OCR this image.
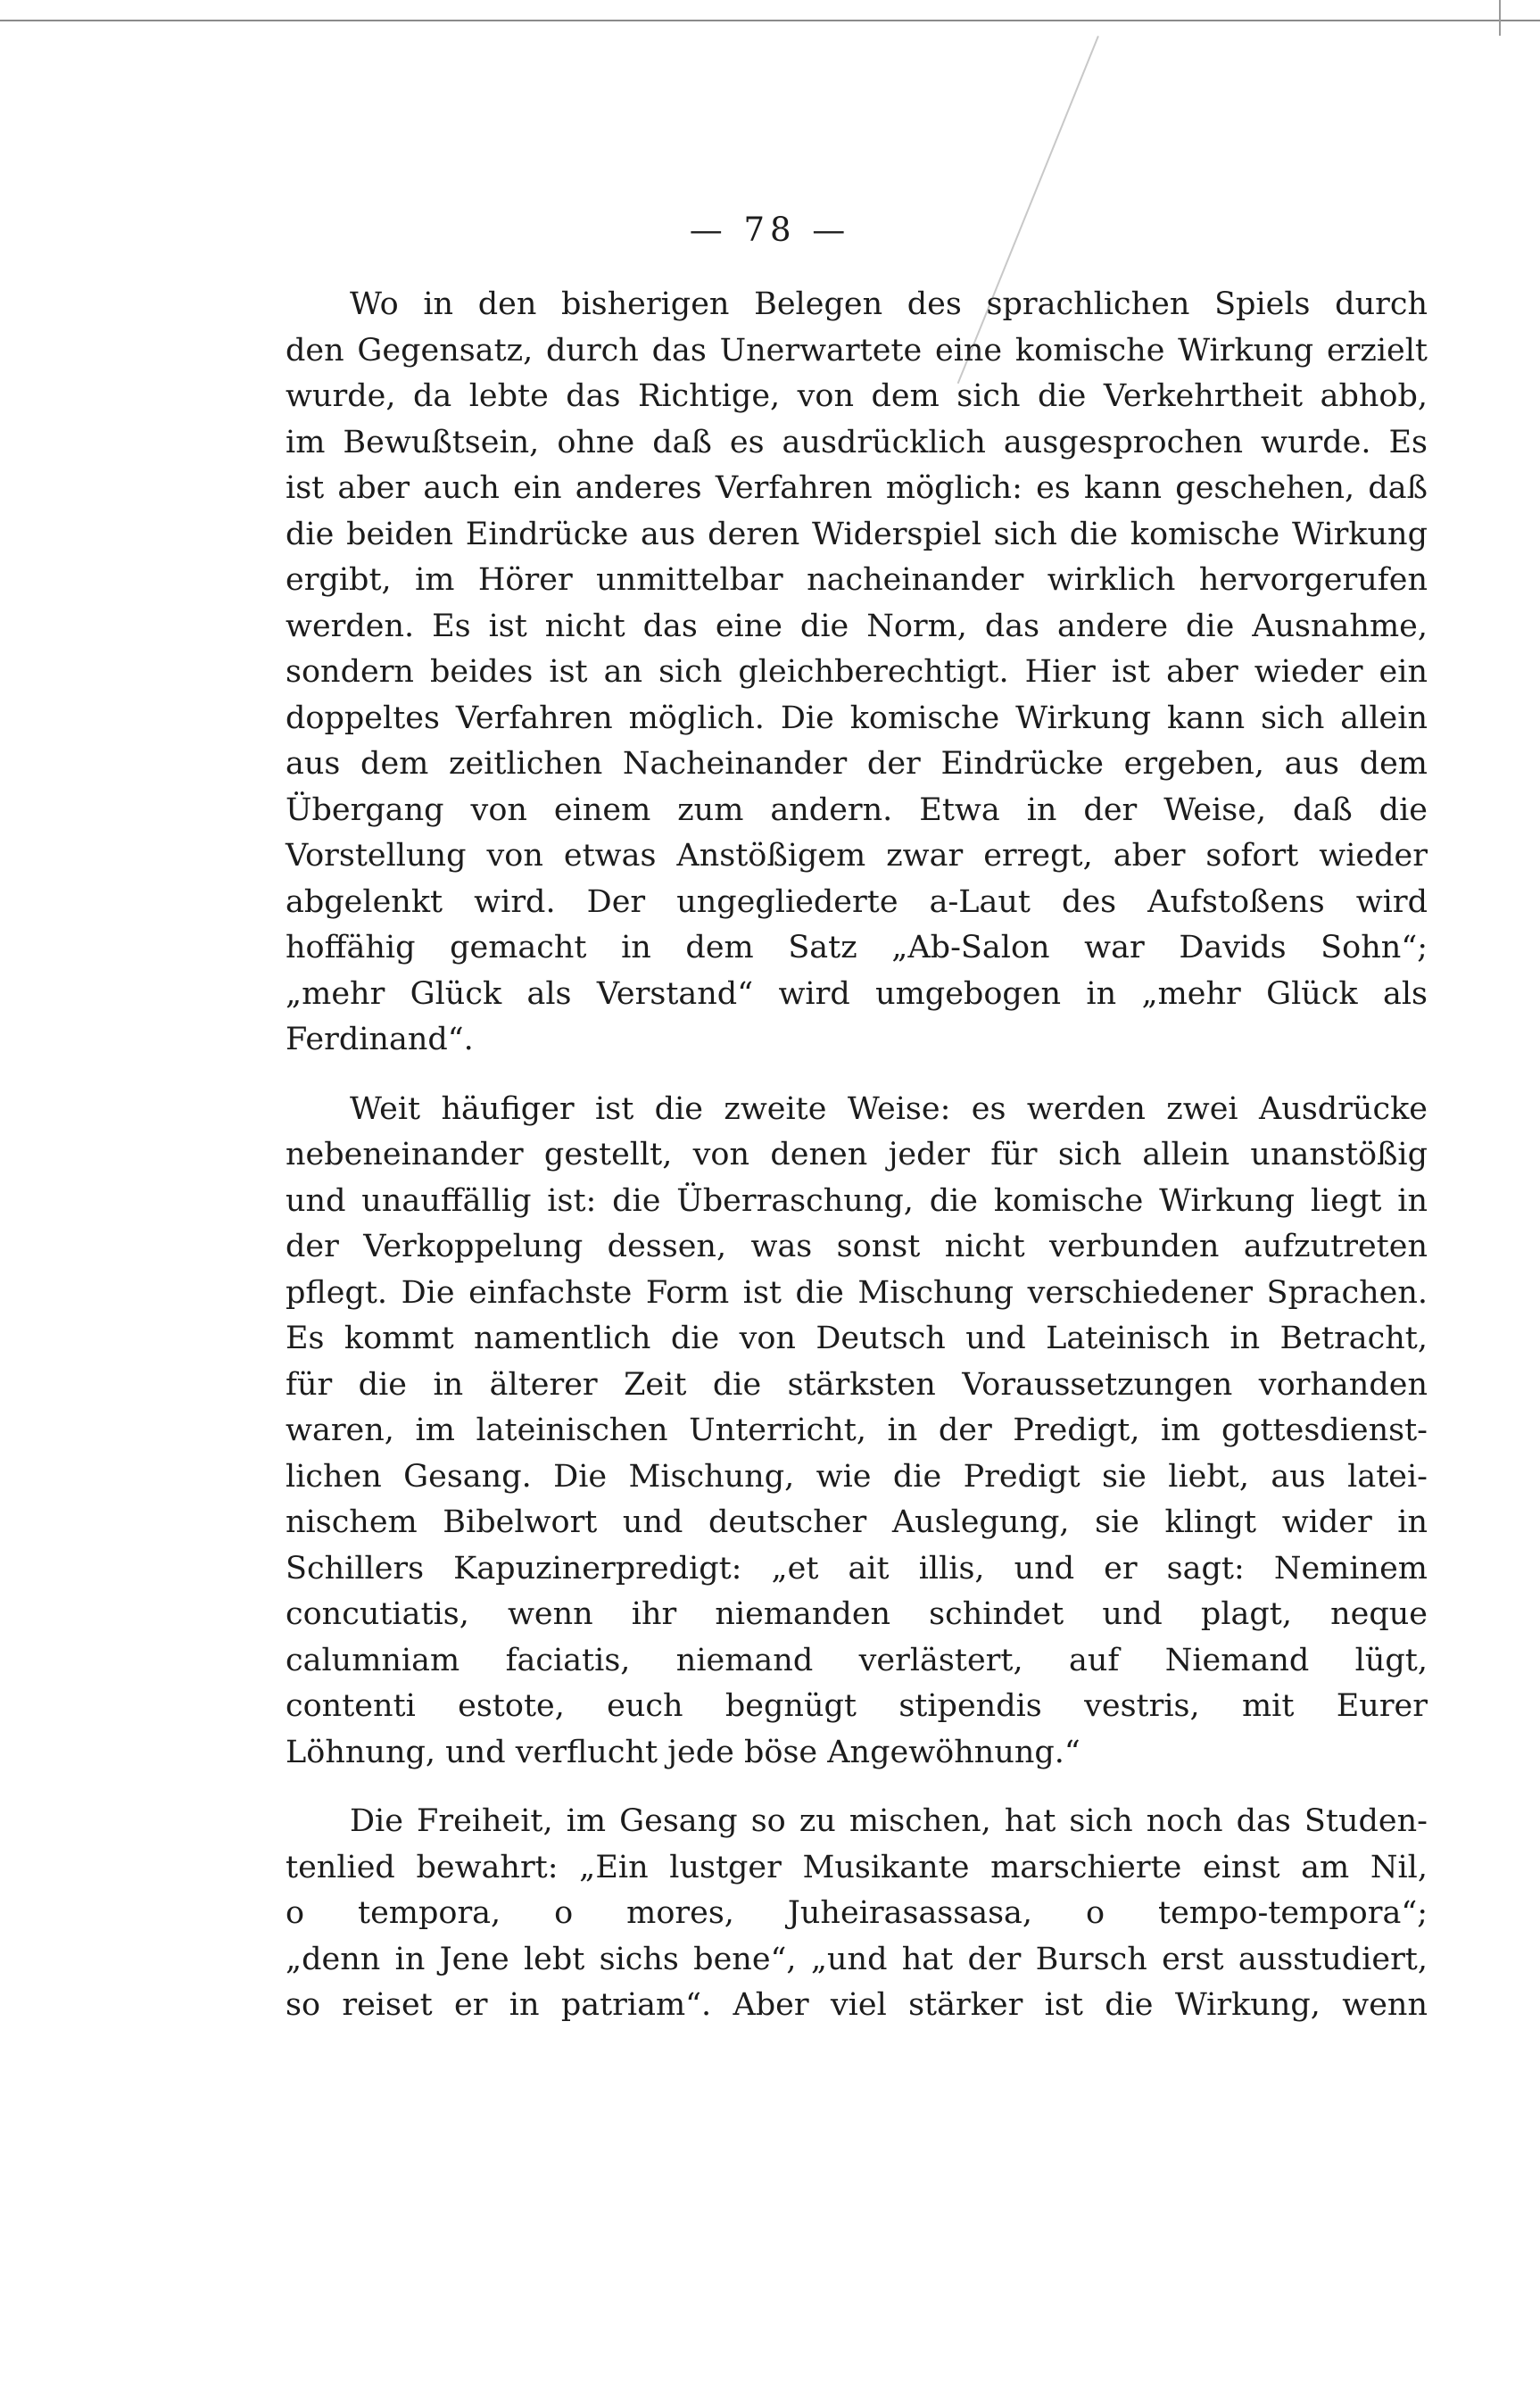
— 78 —
Wo in den bisherigen Belegen des sprachlichen Spiels durch
den Gegensatz, durch das Unerwartete eine komische Wirkung erzielt
wurde, da lebte das Richtige, von dem sich die Verkehrtheit abhob,
im Bewußtsein, ohne daß es ausdrücklich ausgesprochen wurde. Es
ist aber auch ein anderes Verfahren möglich: es kann geschehen, daß
die beiden Eindrücke aus deren Widerspiel sich die komische Wirkung
ergibt, im Hörer unmittelbar nacheinander wirklich hervorgerufen
werden. Es ist nicht das eine die Norm, das andere die Ausnahme,
sondern beides ist an sich gleichberechtigt. Hier ist aber wieder ein
doppeltes Verfahren möglich. Die komische Wirkung kann sich allein
aus dem zeitlichen Nacheinander der Eindrücke ergeben, aus dem
Übergang von einem zum andern. Etwa in der Weise, daß die
Vorstellung von etwas Anstößigem zwar erregt, aber sofort wieder
abgelenkt wird. Der ungegliederte a-Laut des Aufstoßens wird
hoffähig gemacht in dem Satz „Ab-Salon war Davids Sohn“;
„mehr Glück als Verstand“ wird umgebogen in „mehr Glück als
Ferdinand“.
Weit häufiger ist die zweite Weise: es werden zwei Ausdrücke
nebeneinander gestellt, von denen jeder für sich allein unanstößig
und unauffällig ist: die Überraschung, die komische Wirkung liegt in
der Verkoppelung dessen, was sonst nicht verbunden aufzutreten
pflegt. Die einfachste Form ist die Mischung verschiedener Sprachen.
Es kommt namentlich die von Deutsch und Lateinisch in Betracht,
für die in älterer Zeit die stärksten Voraussetzungen vorhanden
waren, im lateinischen Unterricht, in der Predigt, im gottesdienst-
lichen Gesang. Die Mischung, wie die Predigt sie liebt, aus latei-
nischem Bibelwort und deutscher Auslegung, sie klingt wider in
Schillers Kapuzinerpredigt: „et ait illis, und er sagt: Neminem
concutiatis, wenn ihr niemanden schindet und plagt, neque
calumniam faciatis, niemand verlästert, auf Niemand lügt,
contenti estote, euch begnügt stipendis vestris, mit Eurer
Löhnung, und verflucht jede böse Angewöhnung.“
Die Freiheit, im Gesang so zu mischen, hat sich noch das Studen-
tenlied bewahrt: „Ein lustger Musikante marschierte einst am Nil,
o tempora, o mores, Juheirasassasa, o tempo-tempora“;
„denn in Jene lebt sichs bene“, „und hat der Bursch erst ausstudiert,
so reiset er in patriam“. Aber viel stärker ist die Wirkung, wenn
